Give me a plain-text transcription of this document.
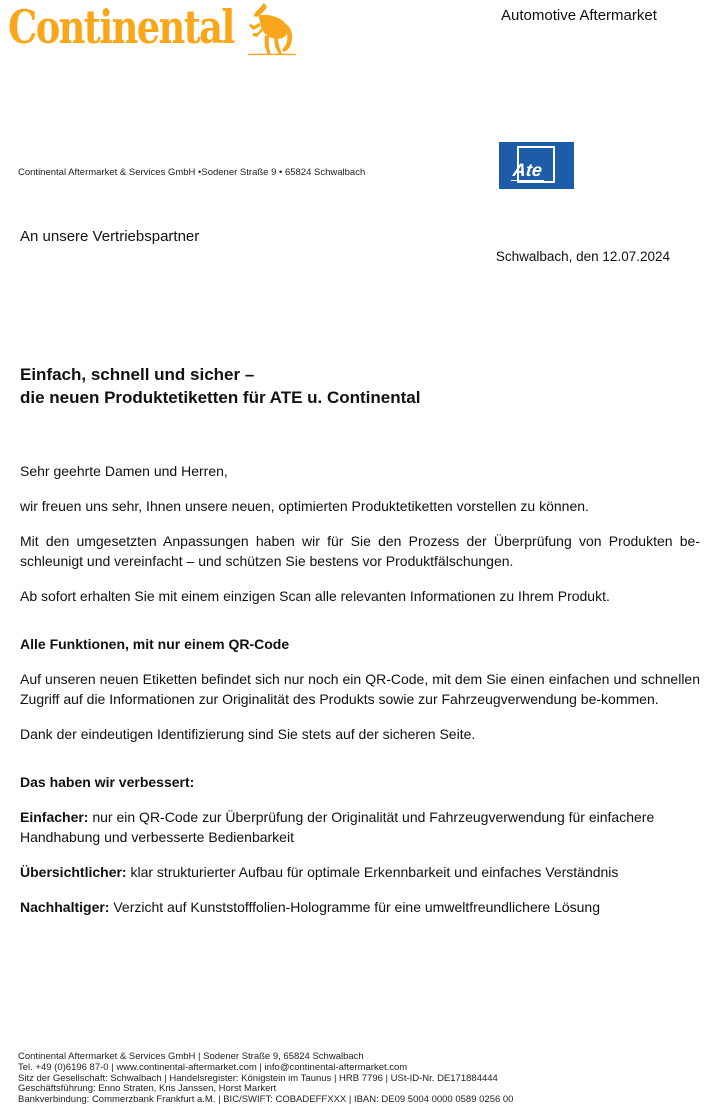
Continental	Automotive Aftermarket
Continental Aftermarket & Services GmbH •Sodener Straße 9 • 65824 Schwalbach	Ate
An unsere Vertriebspartner
Schwalbach, den 12.07.2024
Einfach, schnell und sicher –
die neuen Produktetiketten für ATE u. Continental

Sehr geehrte Damen und Herren,

wir freuen uns sehr, Ihnen unsere neuen, optimierten Produktetiketten vorstellen zu können.

Mit den umgesetzten Anpassungen haben wir für Sie den Prozess der Überprüfung von Produkten be-schleunigt und vereinfacht – und schützen Sie bestens vor Produktfälschungen.

Ab sofort erhalten Sie mit einem einzigen Scan alle relevanten Informationen zu Ihrem Produkt.

Alle Funktionen, mit nur einem QR-Code

Auf unseren neuen Etiketten befindet sich nur noch ein QR-Code, mit dem Sie einen einfachen und schnellen Zugriff auf die Informationen zur Originalität des Produkts sowie zur Fahrzeugverwendung be-kommen.

Dank der eindeutigen Identifizierung sind Sie stets auf der sicheren Seite.

Das haben wir verbessert:

Einfacher: nur ein QR-Code zur Überprüfung der Originalität und Fahrzeugverwendung für einfachere Handhabung und verbesserte Bedienbarkeit

Übersichtlicher: klar strukturierter Aufbau für optimale Erkennbarkeit und einfaches Verständnis

Nachhaltiger: Verzicht auf Kunststofffolien-Hologramme für eine umweltfreundlichere Lösung

Continental Aftermarket & Services GmbH | Sodener Straße 9, 65824 Schwalbach
Tel. +49 (0)6196 87-0 | www.continental-aftermarket.com | info@continental-aftermarket.com
Sitz der Gesellschaft: Schwalbach | Handelsregister: Königstein im Taunus | HRB 7796 | USt-ID-Nr. DE171884444
Geschäftsführung: Enno Straten, Kris Janssen, Horst Markert
Bankverbindung: Commerzbank Frankfurt a.M. | BIC/SWIFT: COBADEFFXXX | IBAN: DE09 5004 0000 0589 0256 00
